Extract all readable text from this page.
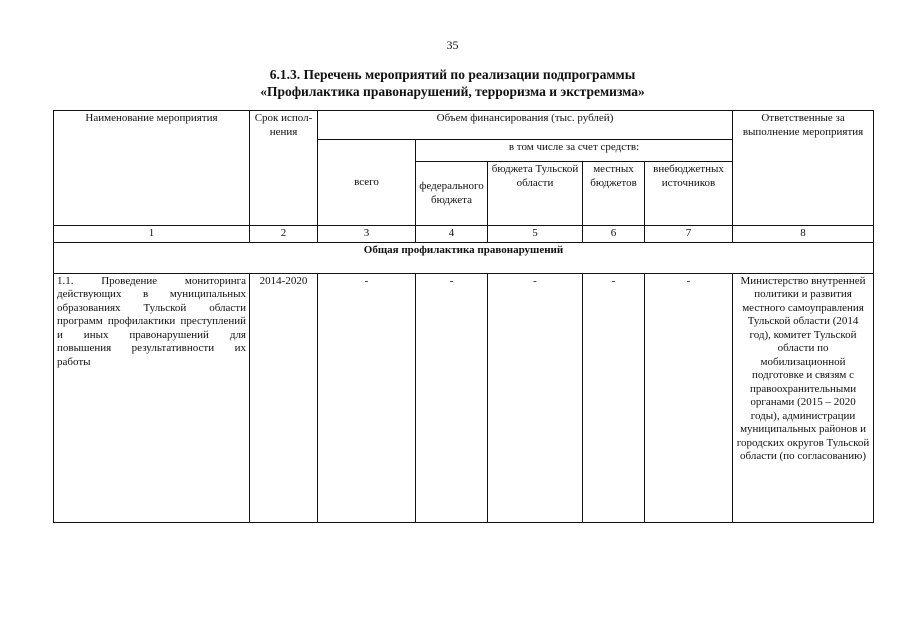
35
6.1.3. Перечень мероприятий по реализации подпрограммы
«Профилактика правонарушений, терроризма и экстремизма»
Наименование мероприятия	Срок испол-нения	Объем финансирования (тыс. рублей)					Ответственные за выполнение мероприятия
		всего	в том числе за счет средств:				
			федерального бюджета	бюджета Тульской области	местных бюджетов	внебюджетных источников	
1	2	3	4	5	6	7	8
Общая профилактика правонарушений							
1.1. Проведение мониторинга действующих в муниципальных образованиях Тульской области программ профилактики преступлений и иных правонарушений для повышения результативности их работы	2014-2020	-	-	-	-	-	Министерство внутренней политики и развития местного самоуправления Тульской области (2014 год), комитет Тульской области по мобилизационной подготовке и связям с правоохранительными органами (2015 – 2020 годы), администрации муниципальных районов и городских округов Тульской области (по согласованию)
